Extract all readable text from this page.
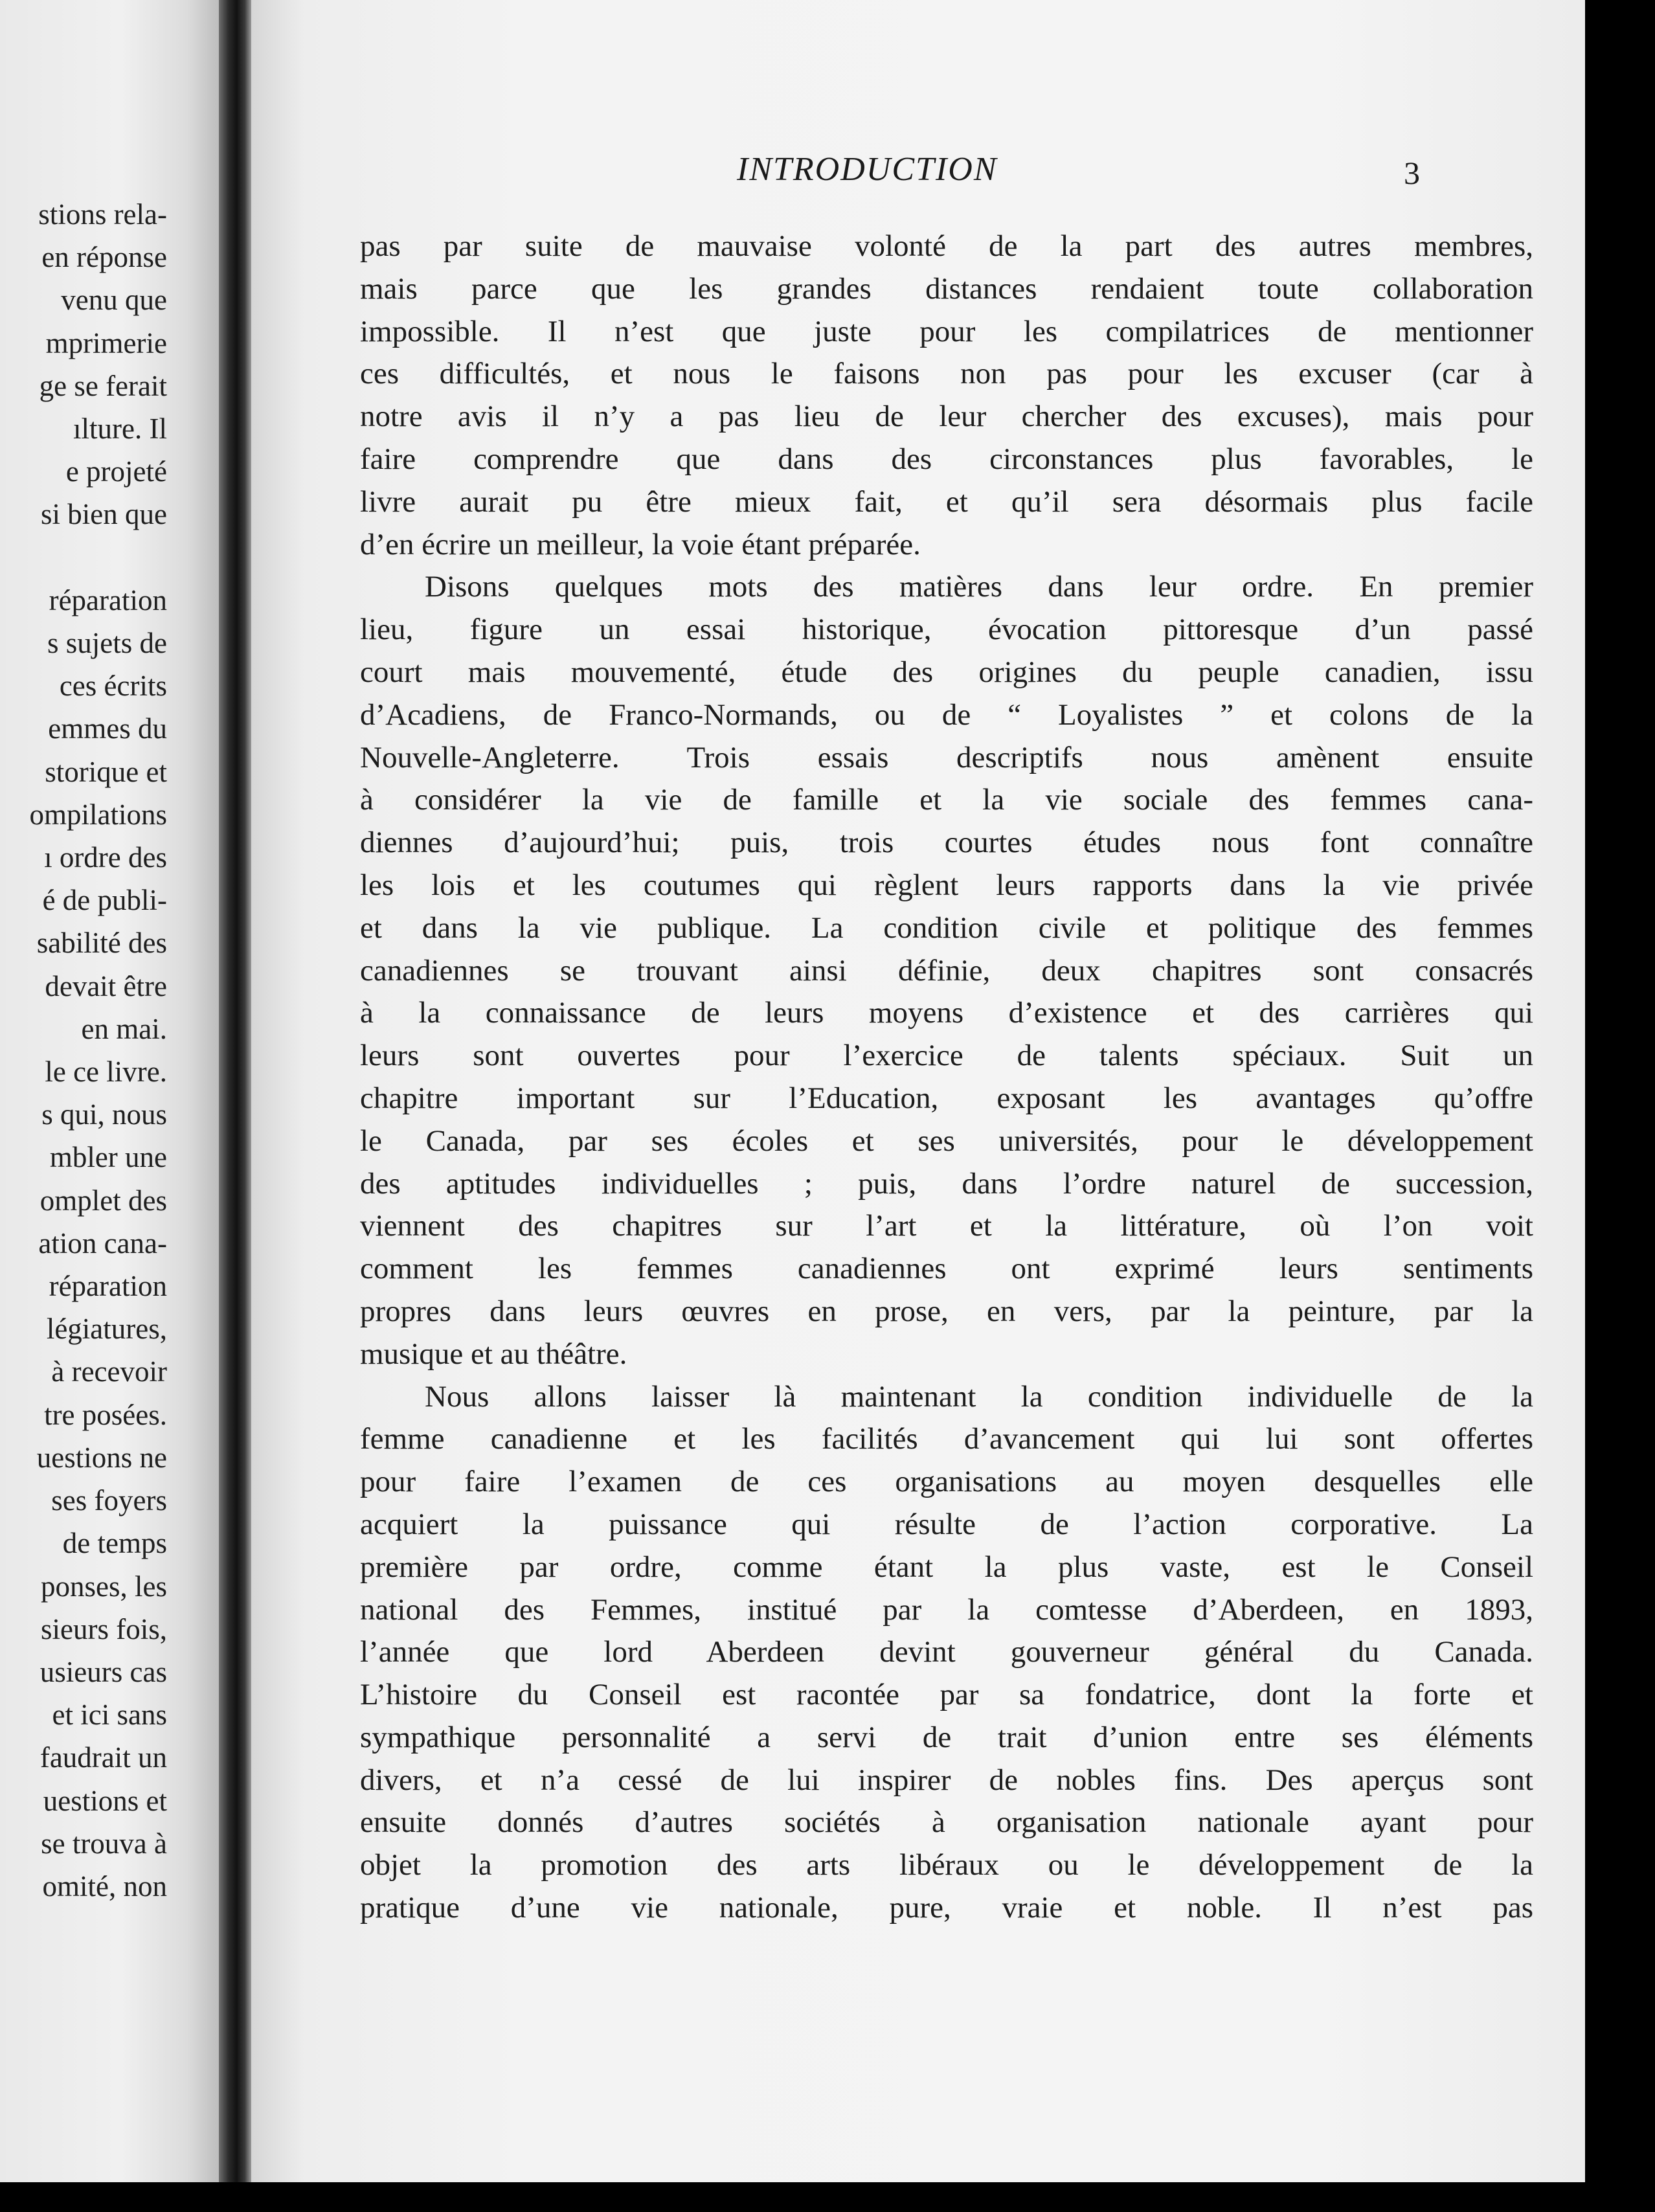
stions rela-
en réponse
venu que
mprimerie
ge se ferait
ılture. Il
e projeté
si bien que

réparation
s sujets de
ces écrits
emmes du
storique et
ompilations
ı ordre des
é de publi-
sabilité des
devait être
en mai.
le ce livre.
s qui, nous
mbler une
omplet des
ation cana-
réparation
légiatures,
à recevoir
tre posées.
uestions ne
ses foyers
de temps
ponses, les
sieurs fois,
usieurs cas
et ici sans
faudrait un
uestions et
se trouva à
omité, non
INTRODUCTION	3
pas par suite de mauvaise volonté de la part des autres membres,
mais parce que les grandes distances rendaient toute collaboration
impossible. Il n’est que juste pour les compilatrices de mentionner
ces difficultés, et nous le faisons non pas pour les excuser (car à
notre avis il n’y a pas lieu de leur chercher des excuses), mais pour
faire comprendre que dans des circonstances plus favorables, le
livre aurait pu être mieux fait, et qu’il sera désormais plus facile
d’en écrire un meilleur, la voie étant préparée.
Disons quelques mots des matières dans leur ordre. En premier
lieu, figure un essai historique, évocation pittoresque d’un passé
court mais mouvementé, étude des origines du peuple canadien, issu
d’Acadiens, de Franco-Normands, ou de “ Loyalistes ” et colons de la
Nouvelle-Angleterre. Trois essais descriptifs nous amènent ensuite
à considérer la vie de famille et la vie sociale des femmes cana-
diennes d’aujourd’hui; puis, trois courtes études nous font connaître
les lois et les coutumes qui règlent leurs rapports dans la vie privée
et dans la vie publique. La condition civile et politique des femmes
canadiennes se trouvant ainsi définie, deux chapitres sont consacrés
à la connaissance de leurs moyens d’existence et des carrières qui
leurs sont ouvertes pour l’exercice de talents spéciaux. Suit un
chapitre important sur l’Education, exposant les avantages qu’offre
le Canada, par ses écoles et ses universités, pour le développement
des aptitudes individuelles ; puis, dans l’ordre naturel de succession,
viennent des chapitres sur l’art et la littérature, où l’on voit
comment les femmes canadiennes ont exprimé leurs sentiments
propres dans leurs œuvres en prose, en vers, par la peinture, par la
musique et au théâtre.
Nous allons laisser là maintenant la condition individuelle de la
femme canadienne et les facilités d’avancement qui lui sont offertes
pour faire l’examen de ces organisations au moyen desquelles elle
acquiert la puissance qui résulte de l’action corporative. La
première par ordre, comme étant la plus vaste, est le Conseil
national des Femmes, institué par la comtesse d’Aberdeen, en 1893,
l’année que lord Aberdeen devint gouverneur général du Canada.
L’histoire du Conseil est racontée par sa fondatrice, dont la forte et
sympathique personnalité a servi de trait d’union entre ses éléments
divers, et n’a cessé de lui inspirer de nobles fins. Des aperçus sont
ensuite donnés d’autres sociétés à organisation nationale ayant pour
objet la promotion des arts libéraux ou le développement de la
pratique d’une vie nationale, pure, vraie et noble. Il n’est pas
